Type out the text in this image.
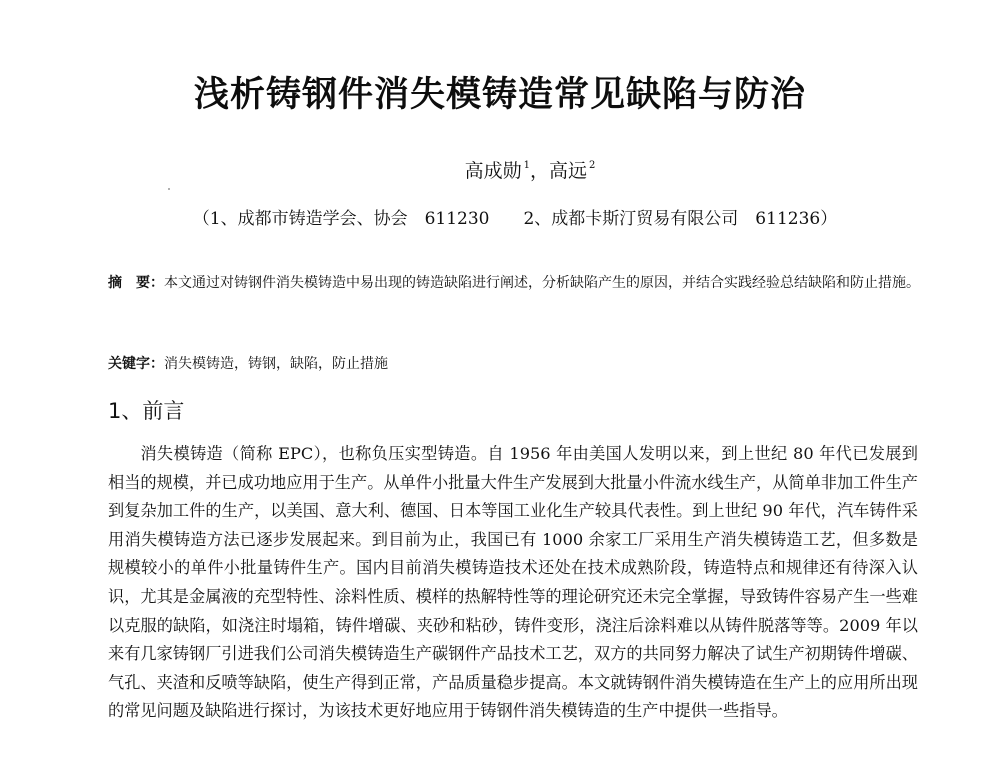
浅析铸钢件消失模铸造常见缺陷与防治
高成勋 $^1$，高远 $^2$
（1、成都市铸造学会、协会　611230　　2、成都卡斯汀贸易有限公司　611236）

摘　要：本文通过对铸钢件消失模铸造中易出现的铸造缺陷进行阐述，分析缺陷产生的原因，并结合实践经验总结缺陷和防止措施。

关键字：消失模铸造，铸钢，缺陷，防止措施
1、前言

消失模铸造（简称 EPC），也称负压实型铸造。自 1956 年由美国人发明以来，到上世纪 80 年代已发展到相当的规模，并已成功地应用于生产。从单件小批量大件生产发展到大批量小件流水线生产，从简单非加工件生产到复杂加工件的生产，以美国、意大利、德国、日本等国工业化生产较具代表性。到上世纪 90 年代，汽车铸件采用消失模铸造方法已逐步发展起来。到目前为止，我国已有 1000 余家工厂采用生产消失模铸造工艺，但多数是规模较小的单件小批量铸件生产。国内目前消失模铸造技术还处在技术成熟阶段，铸造特点和规律还有待深入认识，尤其是金属液的充型特性、涂料性质、模样的热解特性等的理论研究还未完全掌握，导致铸件容易产生一些难以克服的缺陷，如浇注时塌箱，铸件增碳、夹砂和粘砂，铸件变形，浇注后涂料难以从铸件脱落等等。2009 年以来有几家铸钢厂引进我们公司消失模铸造生产碳钢件产品技术工艺，双方的共同努力解决了试生产初期铸件增碳、气孔、夹渣和反喷等缺陷，使生产得到正常，产品质量稳步提高。本文就铸钢件消失模铸造在生产上的应用所出现的常见问题及缺陷进行探讨，为该技术更好地应用于铸钢件消失模铸造的生产中提供一些指导。
